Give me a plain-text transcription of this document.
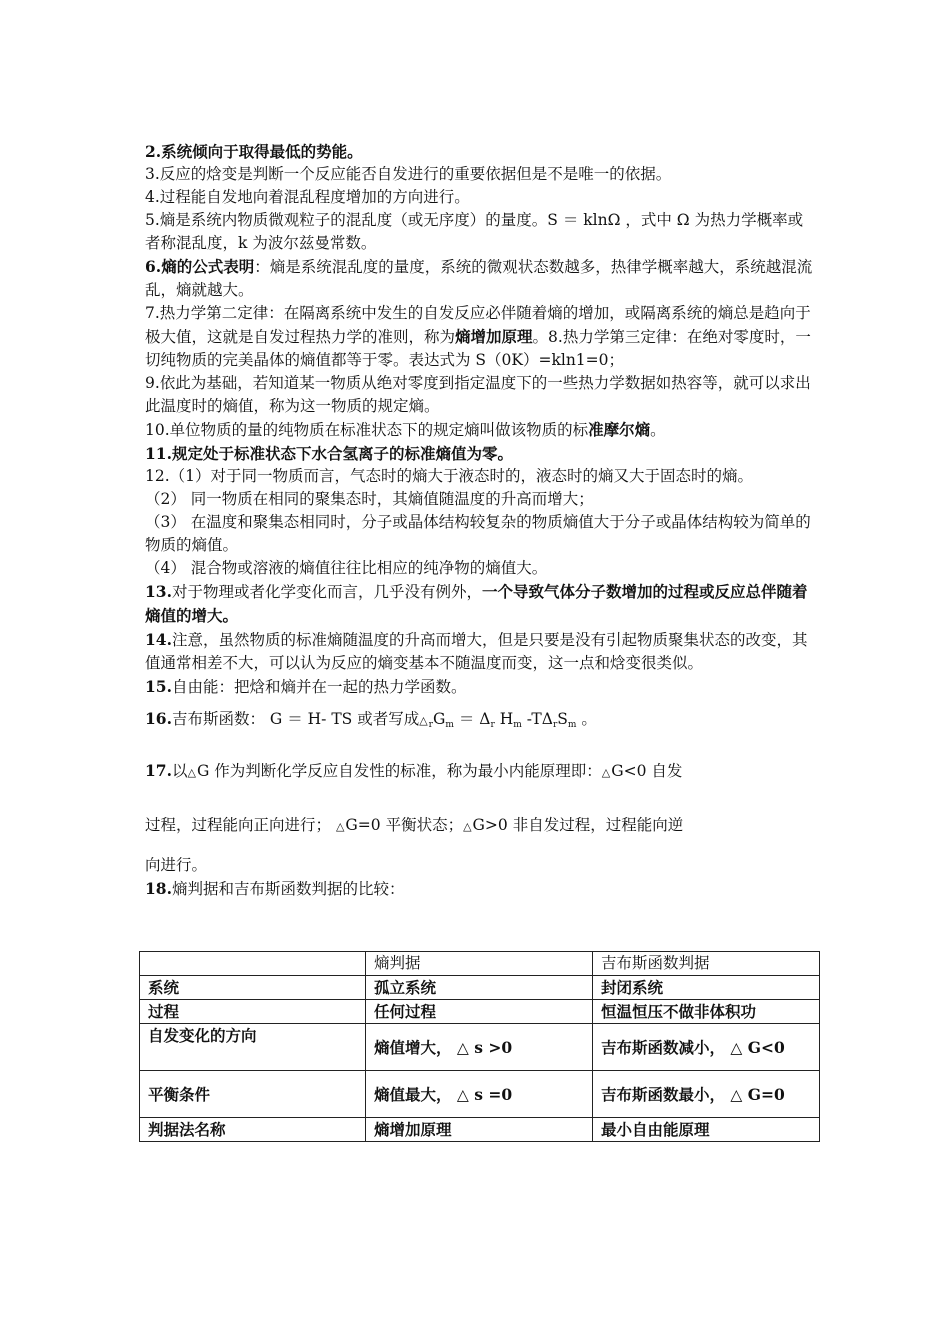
2.系统倾向于取得最低的势能。

3.反应的焓变是判断一个反应能否自发进行的重要依据但是不是唯一的依据。

4.过程能自发地向着混乱程度增加的方向进行。

5.熵是系统内物质微观粒子的混乱度（或无序度）的量度。S ＝ klnΩ ，式中 Ω 为热力学概率或者称混乱度，k 为波尔兹曼常数。

6.熵的公式表明：熵是系统混乱度的量度，系统的微观状态数越多，热律学概率越大，系统越混流乱，熵就越大。

7.热力学第二定律：在隔离系统中发生的自发反应必伴随着熵的增加，或隔离系统的熵总是趋向于极大值，这就是自发过程热力学的准则，称为熵增加原理。8.热力学第三定律：在绝对零度时，一切纯物质的完美晶体的熵值都等于零。表达式为 S（0K）=kln1=0；

9.依此为基础，若知道某一物质从绝对零度到指定温度下的一些热力学数据如热容等，就可以求出此温度时的熵值，称为这一物质的规定熵。

10.单位物质的量的纯物质在标准状态下的规定熵叫做该物质的标准摩尔熵。

11.规定处于标准状态下水合氢离子的标准熵值为零。

12.（1）对于同一物质而言，气态时的熵大于液态时的，液态时的熵又大于固态时的熵。

（2） 同一物质在相同的聚集态时，其熵值随温度的升高而增大；

（3） 在温度和聚集态相同时，分子或晶体结构较复杂的物质熵值大于分子或晶体结构较为简单的物质的熵值。

（4） 混合物或溶液的熵值往往比相应的纯净物的熵值大。

13.对于物理或者化学变化而言，几乎没有例外，一个导致气体分子数增加的过程或反应总伴随着熵值的增大。

14.注意，虽然物质的标准熵随温度的升高而增大，但是只要是没有引起物质聚集状态的改变，其值通常相差不大，可以认为反应的熵变基本不随温度而变，这一点和焓变很类似。

15.自由能：把焓和熵并在一起的热力学函数。

16.吉布斯函数： G ＝ H- TS 或者写成$\triangle_rG_m = \Delta_r$ $H_m$ $-T\Delta_rS_m$ 。

17.以△G 作为判断化学反应自发性的标准，称为最小内能原理即：△G<0 自发

过程，过程能向正向进行； △G=0 平衡状态；△G>0 非自发过程，过程能向逆

向进行。

18.熵判据和吉布斯函数判据的比较：

	熵判据	吉布斯函数判据
系统	孤立系统	封闭系统
过程	任何过程	恒温恒压不做非体积功
自发变化的方向	熵值增大， △ s >0	吉布斯函数减小， △ G<0
平衡条件	熵值最大， △ s =0	吉布斯函数最小， △ G=0
判据法名称	熵增加原理	最小自由能原理
